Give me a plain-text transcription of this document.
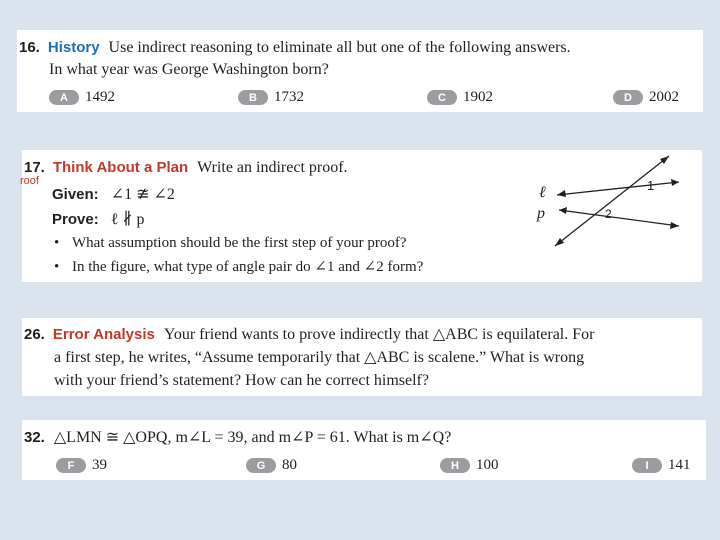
16. History Use indirect reasoning to eliminate all but one of the following answers.
In what year was George Washington born?
A	1492	B	1732	C	1902	D	2002
roof
17. Think About a Plan Write an indirect proof.
Given: ∠1 ≇ ∠2
Prove: ℓ ∦ p
• What assumption should be the first step of your proof?
• In the figure, what type of angle pair do ∠1 and ∠2 form?
ℓ
p
1
2
26. Error Analysis Your friend wants to prove indirectly that △ABC is equilateral. For
a first step, he writes, “Assume temporarily that △ABC is scalene.” What is wrong
with your friend’s statement? How can he correct himself?
32. △LMN ≅ △OPQ, m∠L = 39, and m∠P = 61. What is m∠Q?
F	39	G	80	H	100	I	141
